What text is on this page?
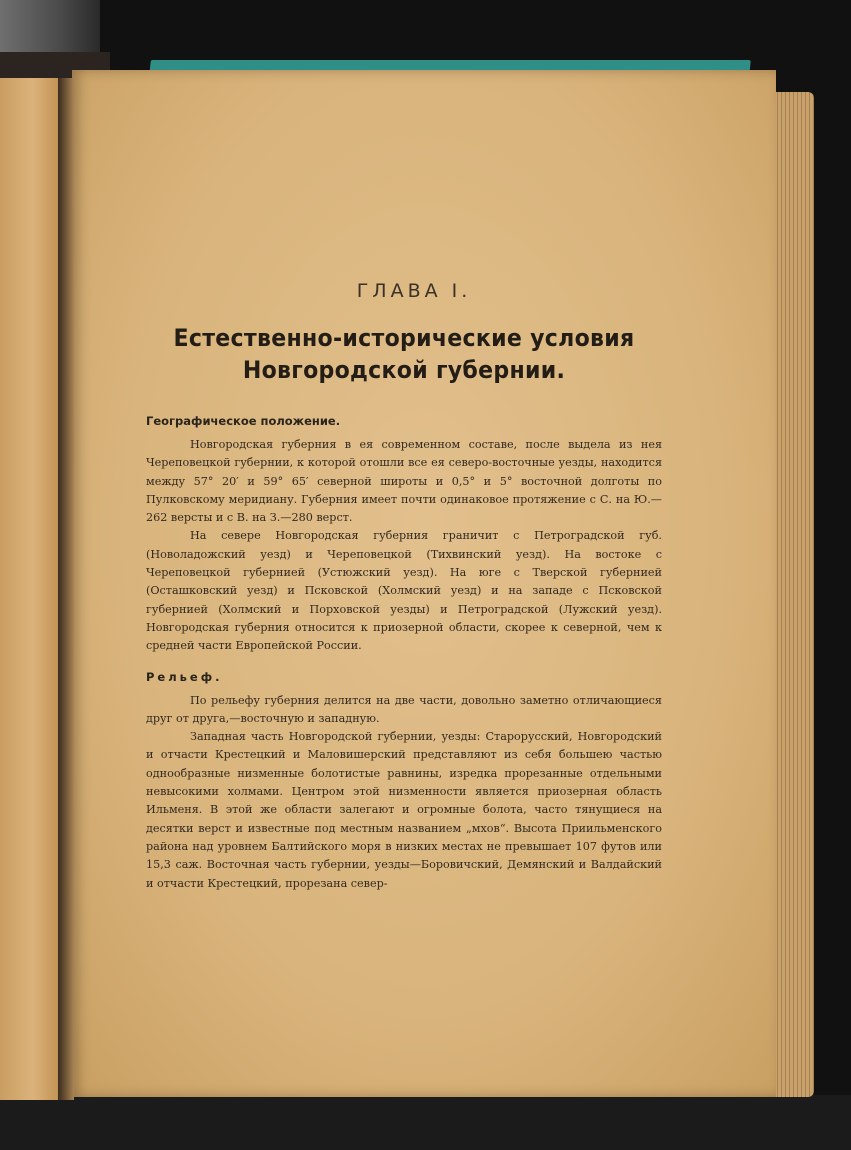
ГЛАВА I.
Естественно-исторические условия Новгородской губернии.
Географическое положение.

Новгородская губерния в ея современном составе, после выдела из нея Череповецкой губернии, к которой отошли все ея северо-восточные уезды, находится между 57° 20′ и 59° 65′ северной широты и 0,5° и 5° восточной долготы по Пулковскому меридиану. Губерния имеет почти одинаковое протяжение с С. на Ю.—262 версты и с В. на З.—280 верст.

На севере Новгородская губерния граничит с Петроградской губ. (Новоладожский уезд) и Череповецкой (Тихвинский уезд). На востоке с Череповецкой губернией (Устюжский уезд). На юге с Тверской губернией (Осташковский уезд) и Псковской (Холмский уезд) и на западе с Псковской губернией (Холмский и Порховской уезды) и Петроградской (Лужский уезд). Новгородская губерния относится к приозерной области, скорее к северной, чем к средней части Европейской России.

Рельеф.

По рельефу губерния делится на две части, довольно заметно отличающиеся друг от друга,—восточную и западную.

Западная часть Новгородской губернии, уезды: Старорусский, Новгородский и отчасти Крестецкий и Маловишерский представляют из себя большею частью однообразные низменные болотистые равнины, изредка прорезанные отдельными невысокими холмами. Центром этой низменности является приозерная область Ильменя. В этой же области залегают и огромные болота, часто тянущиеся на десятки верст и известные под местным названием „мхов“. Высота Приильменского района над уровнем Балтийского моря в низких местах не превышает 107 футов или 15,3 саж. Восточная часть губернии, уезды—Боровичский, Демянский и Валдайский и отчасти Крестецкий, прорезана север-
